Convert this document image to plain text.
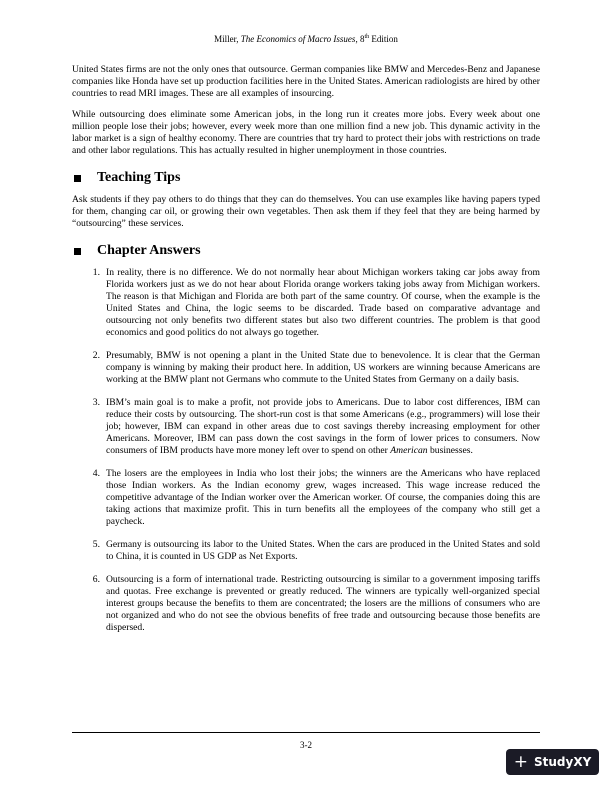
Miller, The Economics of Macro Issues, 8th Edition

United States firms are not the only ones that outsource. German companies like BMW and Mercedes-Benz and Japanese companies like Honda have set up production facilities here in the United States. American radiologists are hired by other countries to read MRI images. These are all examples of insourcing.

While outsourcing does eliminate some American jobs, in the long run it creates more jobs. Every week about one million people lose their jobs; however, every week more than one million find a new job. This dynamic activity in the labor market is a sign of healthy economy. There are countries that try hard to protect their jobs with restrictions on trade and other labor regulations. This has actually resulted in higher unemployment in those countries.

Teaching Tips

Ask students if they pay others to do things that they can do themselves. You can use examples like having papers typed for them, changing car oil, or growing their own vegetables. Then ask them if they feel that they are being harmed by “outsourcing” these services.

Chapter Answers
1. In reality, there is no difference. We do not normally hear about Michigan workers taking car jobs away from Florida workers just as we do not hear about Florida orange workers taking jobs away from Michigan workers. The reason is that Michigan and Florida are both part of the same country. Of course, when the example is the United States and China, the logic seems to be discarded. Trade based on comparative advantage and outsourcing not only benefits two different states but also two different countries. The problem is that good economics and good politics do not always go together.
2. Presumably, BMW is not opening a plant in the United State due to benevolence. It is clear that the German company is winning by making their product here. In addition, US workers are winning because Americans are working at the BMW plant not Germans who commute to the United States from Germany on a daily basis.
3. IBM’s main goal is to make a profit, not provide jobs to Americans. Due to labor cost differences, IBM can reduce their costs by outsourcing. The short-run cost is that some Americans (e.g., programmers) will lose their job; however, IBM can expand in other areas due to cost savings thereby increasing employment for other Americans. Moreover, IBM can pass down the cost savings in the form of lower prices to consumers. Now consumers of IBM products have more money left over to spend on other American businesses.
4. The losers are the employees in India who lost their jobs; the winners are the Americans who have replaced those Indian workers. As the Indian economy grew, wages increased. This wage increase reduced the competitive advantage of the Indian worker over the American worker. Of course, the companies doing this are taking actions that maximize profit. This in turn benefits all the employees of the company who still get a paycheck.
5. Germany is outsourcing its labor to the United States. When the cars are produced in the United States and sold to China, it is counted in US GDP as Net Exports.
6. Outsourcing is a form of international trade. Restricting outsourcing is similar to a government imposing tariffs and quotas. Free exchange is prevented or greatly reduced. The winners are typically well-organized special interest groups because the benefits to them are concentrated; the losers are the millions of consumers who are not organized and who do not see the obvious benefits of free trade and outsourcing because those benefits are dispersed.
3-2
+ StudyXY
